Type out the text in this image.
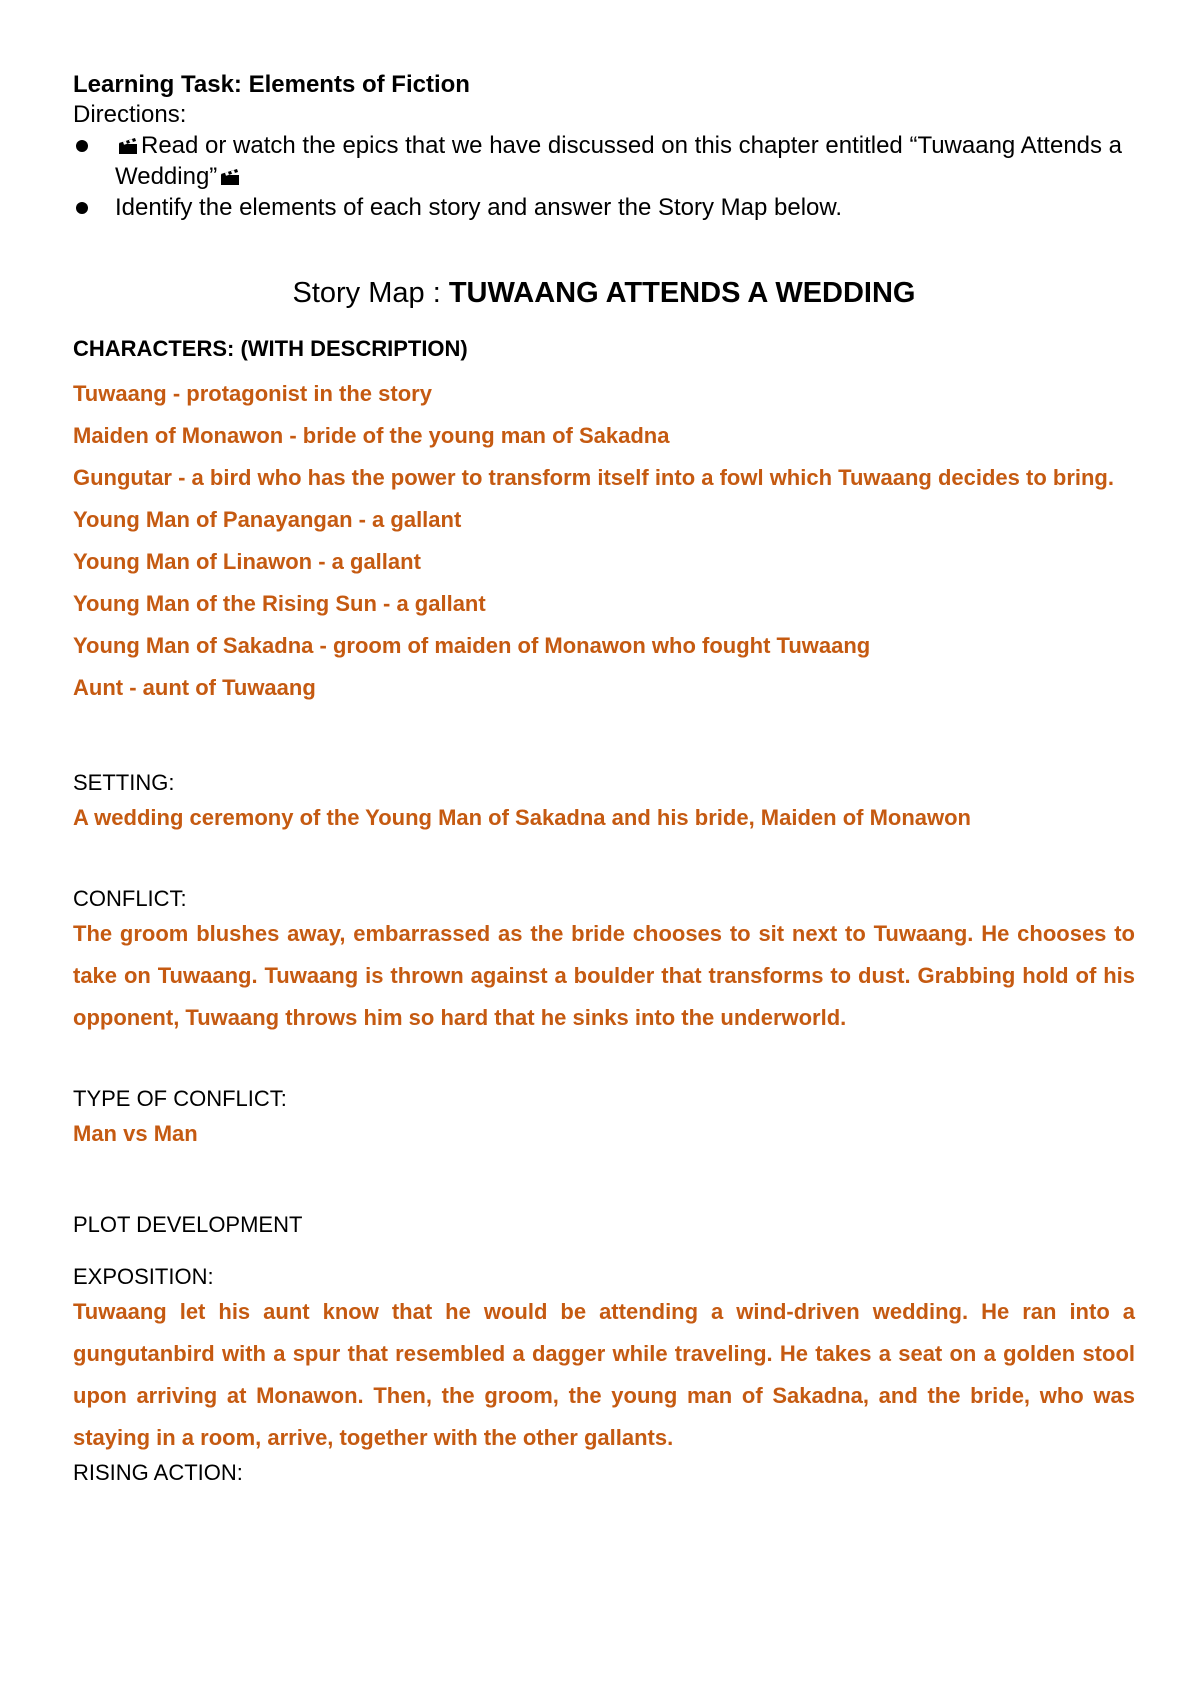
Learning Task: Elements of Fiction
Directions:
Read or watch the epics that we have discussed on this chapter entitled “Tuwaang Attends a Wedding”
Identify the elements of each story and answer the Story Map below.
Story Map : TUWAANG ATTENDS A WEDDING
CHARACTERS: (WITH DESCRIPTION)
Tuwaang - protagonist in the story
Maiden of Monawon - bride of the young man of Sakadna
Gungutar - a bird who has the power to transform itself into a fowl which Tuwaang decides to bring.
Young Man of Panayangan - a gallant
Young Man of Linawon - a gallant
Young Man of the Rising Sun - a gallant
Young Man of Sakadna - groom of maiden of Monawon who fought Tuwaang
Aunt - aunt of Tuwaang
SETTING:
A wedding ceremony of the Young Man of Sakadna and his bride, Maiden of Monawon
CONFLICT:
The groom blushes away, embarrassed as the bride chooses to sit next to Tuwaang. He chooses to take on Tuwaang. Tuwaang is thrown against a boulder that transforms to dust. Grabbing hold of his opponent, Tuwaang throws him so hard that he sinks into the underworld.
TYPE OF CONFLICT:
Man vs Man
PLOT DEVELOPMENT
EXPOSITION:
Tuwaang let his aunt know that he would be attending a wind-driven wedding. He ran into a gungutanbird with a spur that resembled a dagger while traveling. He takes a seat on a golden stool upon arriving at Monawon. Then, the groom, the young man of Sakadna, and the bride, who was staying in a room, arrive, together with the other gallants.
RISING ACTION:
